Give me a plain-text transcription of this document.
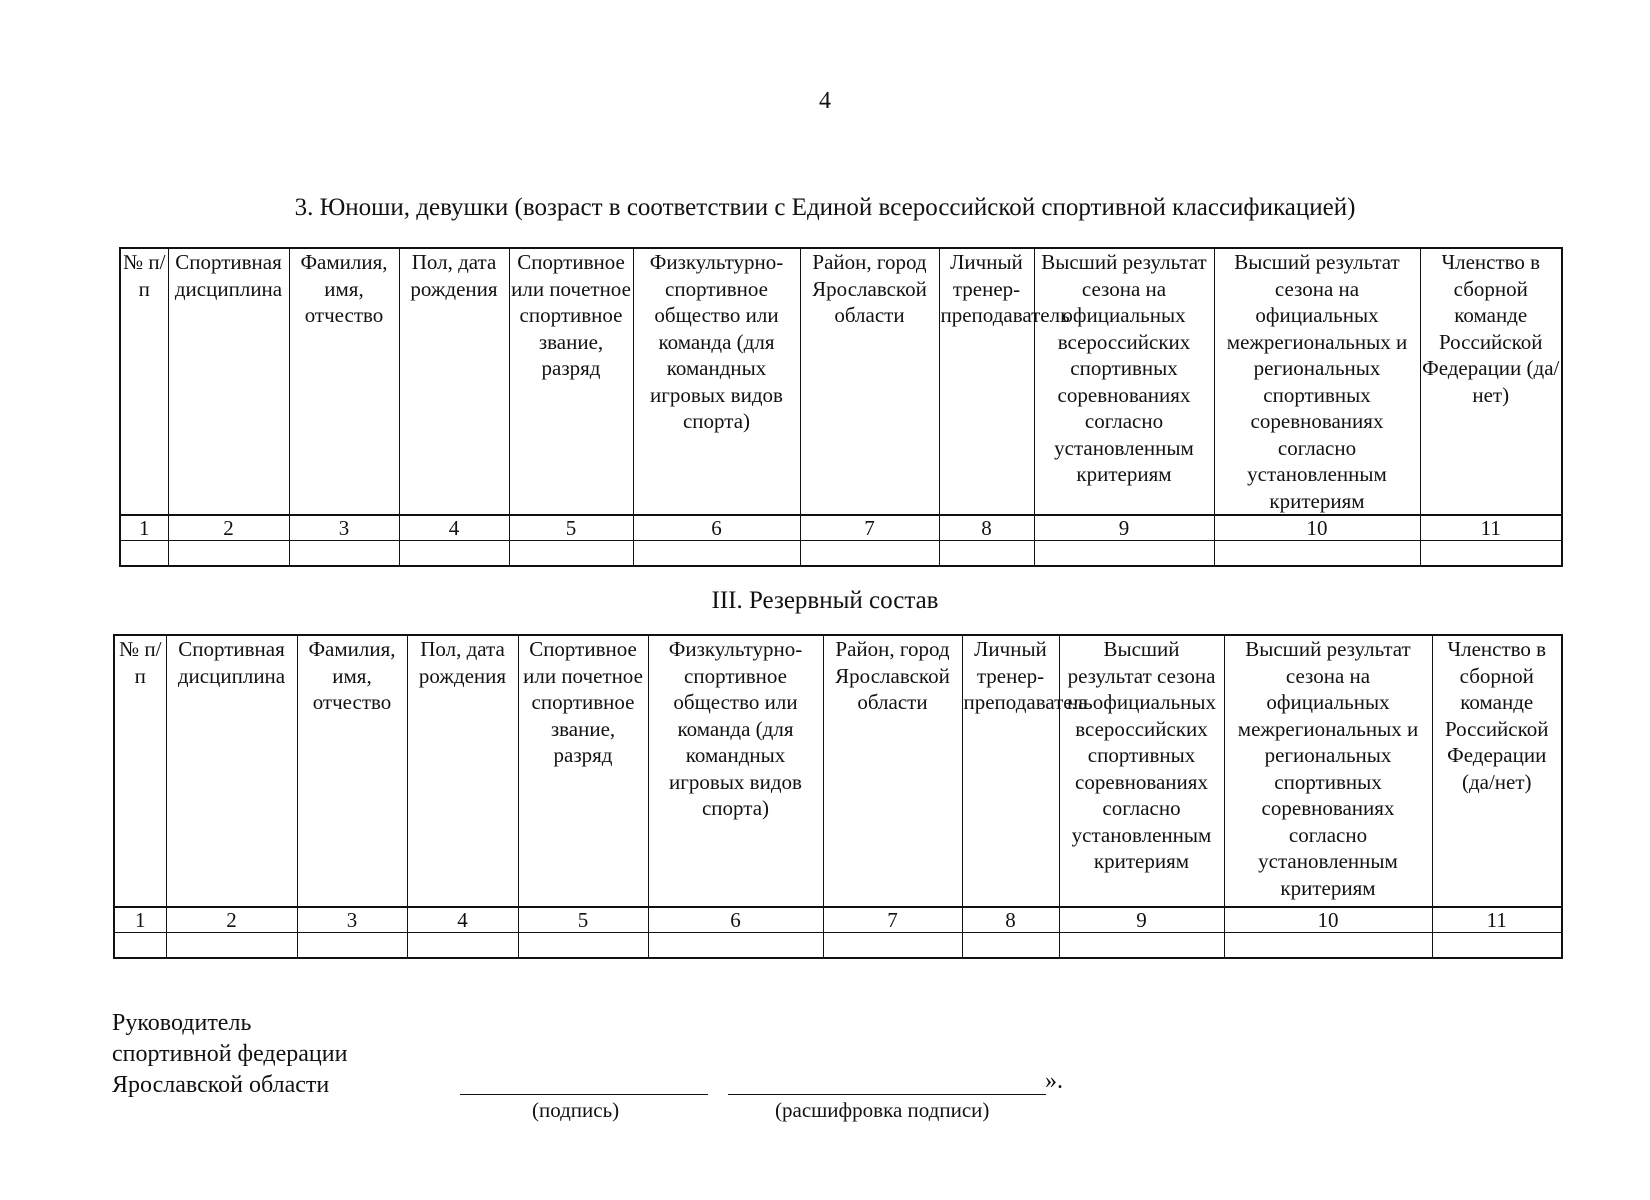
4
3. Юноши, девушки (возраст в соответствии с Единой всероссийской спортивной классификацией)
№ п/п	Спортивная дисциплина	Фамилия, имя, отчество	Пол, дата рождения	Спортивное или почетное спортивное звание, разряд	Физкультурно-спортивное общество или команда (для командных игровых видов спорта)	Район, город Ярославской области	Личный тренер-преподаватель	Высший результат сезона на официальных всероссийских спортивных соревнованиях согласно установленным критериям	Высший результат сезона на официальных межрегиональных и региональных спортивных соревнованиях согласно установленным критериям	Членство в сборной команде Российской Федерации (да/нет)
1	2	3	4	5	6	7	8	9	10	11

III. Резервный состав
№ п/п	Спортивная дисциплина	Фамилия, имя, отчество	Пол, дата рождения	Спортивное или почетное спортивное звание, разряд	Физкультурно-спортивное общество или команда (для командных игровых видов спорта)	Район, город Ярославской области	Личный тренер-преподаватель	Высший результат сезона на официальных всероссийских спортивных соревнованиях согласно установленным критериям	Высший результат сезона на официальных межрегиональных и региональных спортивных соревнованиях согласно установленным критериям	Членство в сборной команде Российской Федерации (да/нет)
1	2	3	4	5	6	7	8	9	10	11

Руководитель
спортивной федерации
Ярославской области	».
(подпись)	(расшифровка подписи)
